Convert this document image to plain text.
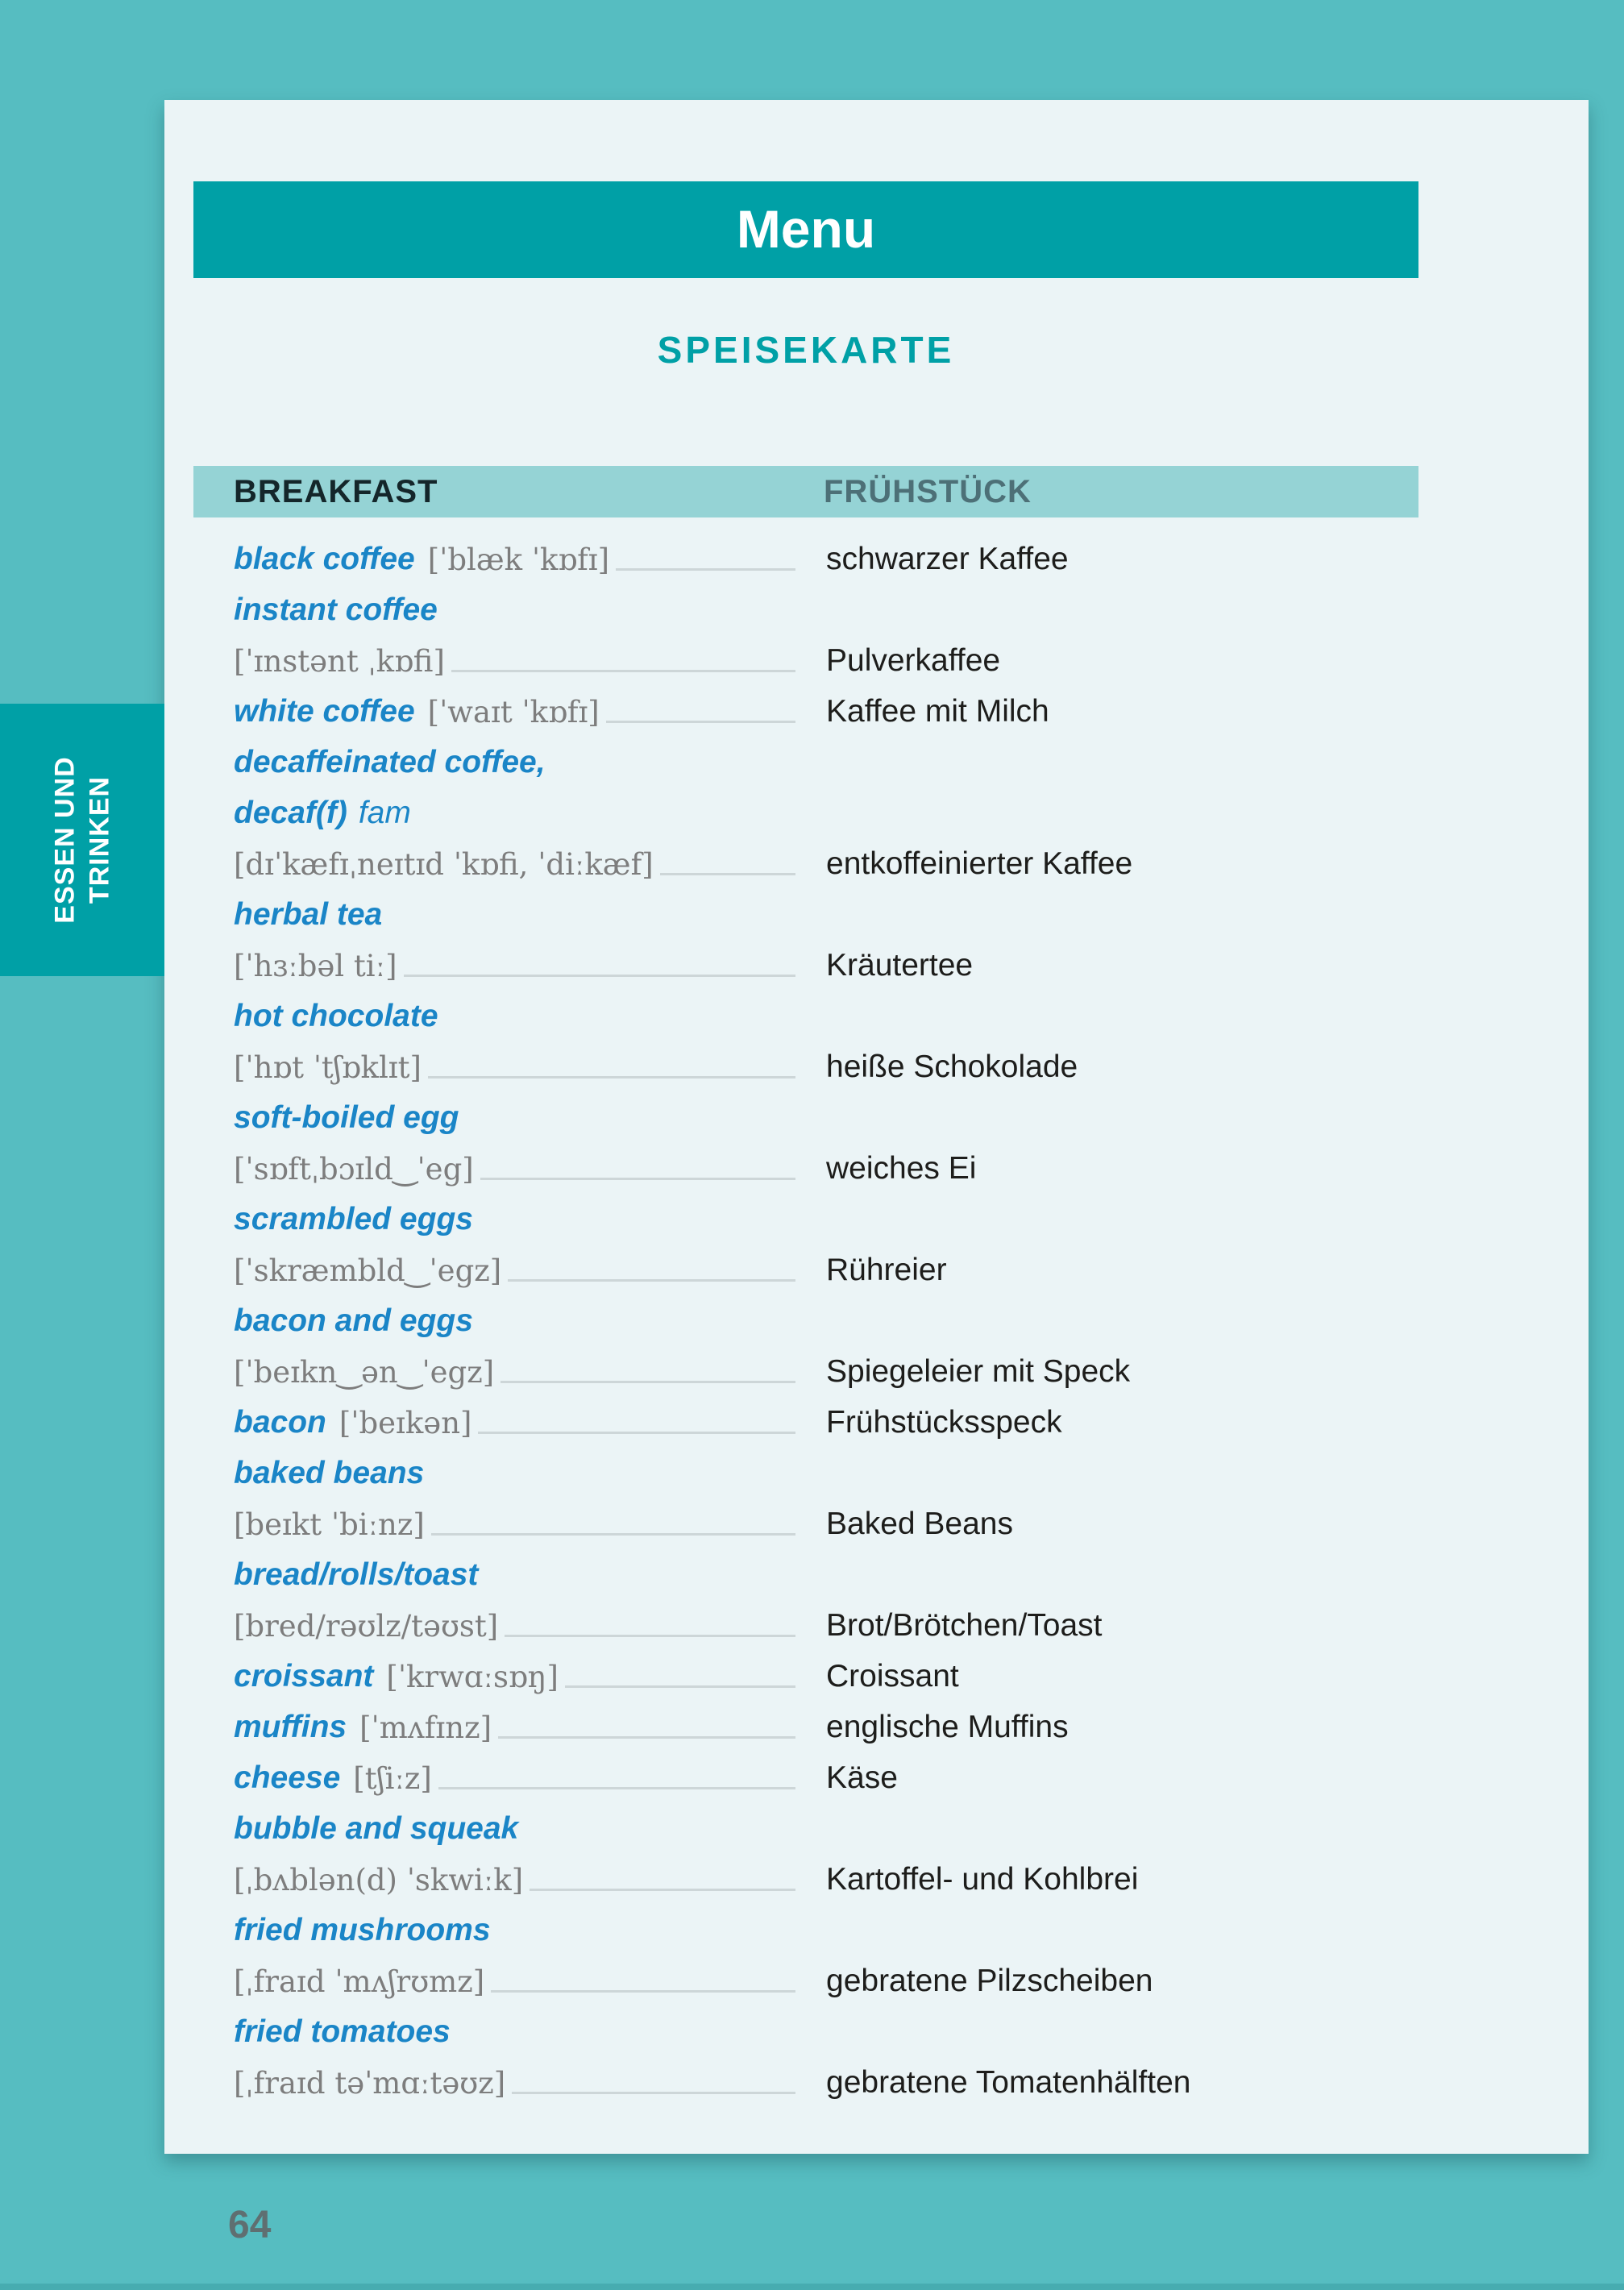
ESSEN UND TRINKEN
Menu
SPEISEKARTE
BREAKFAST	FRÜHSTÜCK
black coffee [ˈblæk ˈkɒfɪ]	schwarzer Kaffee
instant coffee
[ˈɪnstənt ˌkɒfi]	Pulverkaffee
white coffee [ˈwaɪt ˈkɒfɪ]	Kaffee mit Milch
decaffeinated coffee,
decaf(f) fam
[dɪˈkæfɪˌneɪtɪd ˈkɒfi, ˈdiːkæf]	entkoffeinierter Kaffee
herbal tea
[ˈhɜːbəl tiː]	Kräutertee
hot chocolate
[ˈhɒt ˈtʃɒklɪt]	heiße Schokolade
soft-boiled egg
[ˈsɒftˌbɔɪld‿ˈeg]	weiches Ei
scrambled eggs
[ˈskræmbld‿ˈegz]	Rühreier
bacon and eggs
[ˈbeɪkn‿ən‿ˈegz]	Spiegeleier mit Speck
bacon [ˈbeɪkən]	Frühstücksspeck
baked beans
[beɪkt ˈbiːnz]	Baked Beans
bread/rolls/toast
[bred/rəʊlz/təʊst]	Brot/Brötchen/Toast
croissant [ˈkrwɑːsɒŋ]	Croissant
muffins [ˈmʌfɪnz]	englische Muffins
cheese [tʃiːz]	Käse
bubble and squeak
[ˌbʌblən(d) ˈskwiːk]	Kartoffel- und Kohlbrei
fried mushrooms
[ˌfraɪd ˈmʌʃrʊmz]	gebratene Pilzscheiben
fried tomatoes
[ˌfraɪd təˈmɑːtəʊz]	gebratene Tomatenhälften
64
